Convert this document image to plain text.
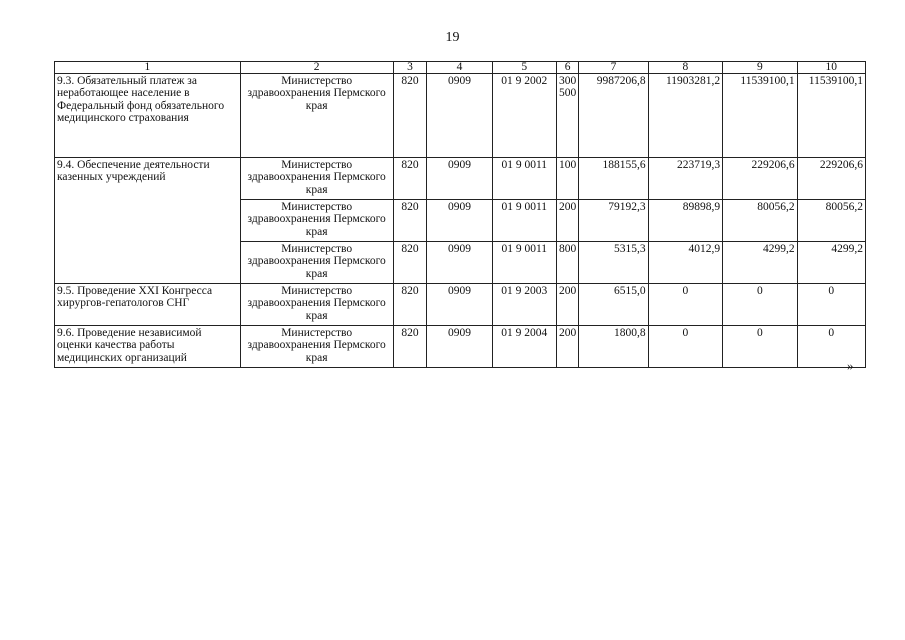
19
1	2	3	4	5	6	7	8	9	10
9.3. Обязательный платеж за неработающее население в Федеральный фонд обязательного медицинского страхования	Министерство здравоохранения Пермского края	820	0909	01 9 2002	300 500	9987206,8	11903281,2	11539100,1	11539100,1
9.4. Обеспечение деятельности казенных учреждений	Министерство здравоохранения Пермского края	820	0909	01 9 0011	100	188155,6	223719,3	229206,6	229206,6
	Министерство здравоохранения Пермского края	820	0909	01 9 0011	200	79192,3	89898,9	80056,2	80056,2
	Министерство здравоохранения Пермского края	820	0909	01 9 0011	800	5315,3	4012,9	4299,2	4299,2
9.5. Проведение XXI Конгресса хирургов-гепатологов СНГ	Министерство здравоохранения Пермского края	820	0909	01 9 2003	200	6515,0	0	0	0
9.6. Проведение независимой оценки качества работы медицинских организаций	Министерство здравоохранения Пермского края	820	0909	01 9 2004	200	1800,8	0	0	0
»
